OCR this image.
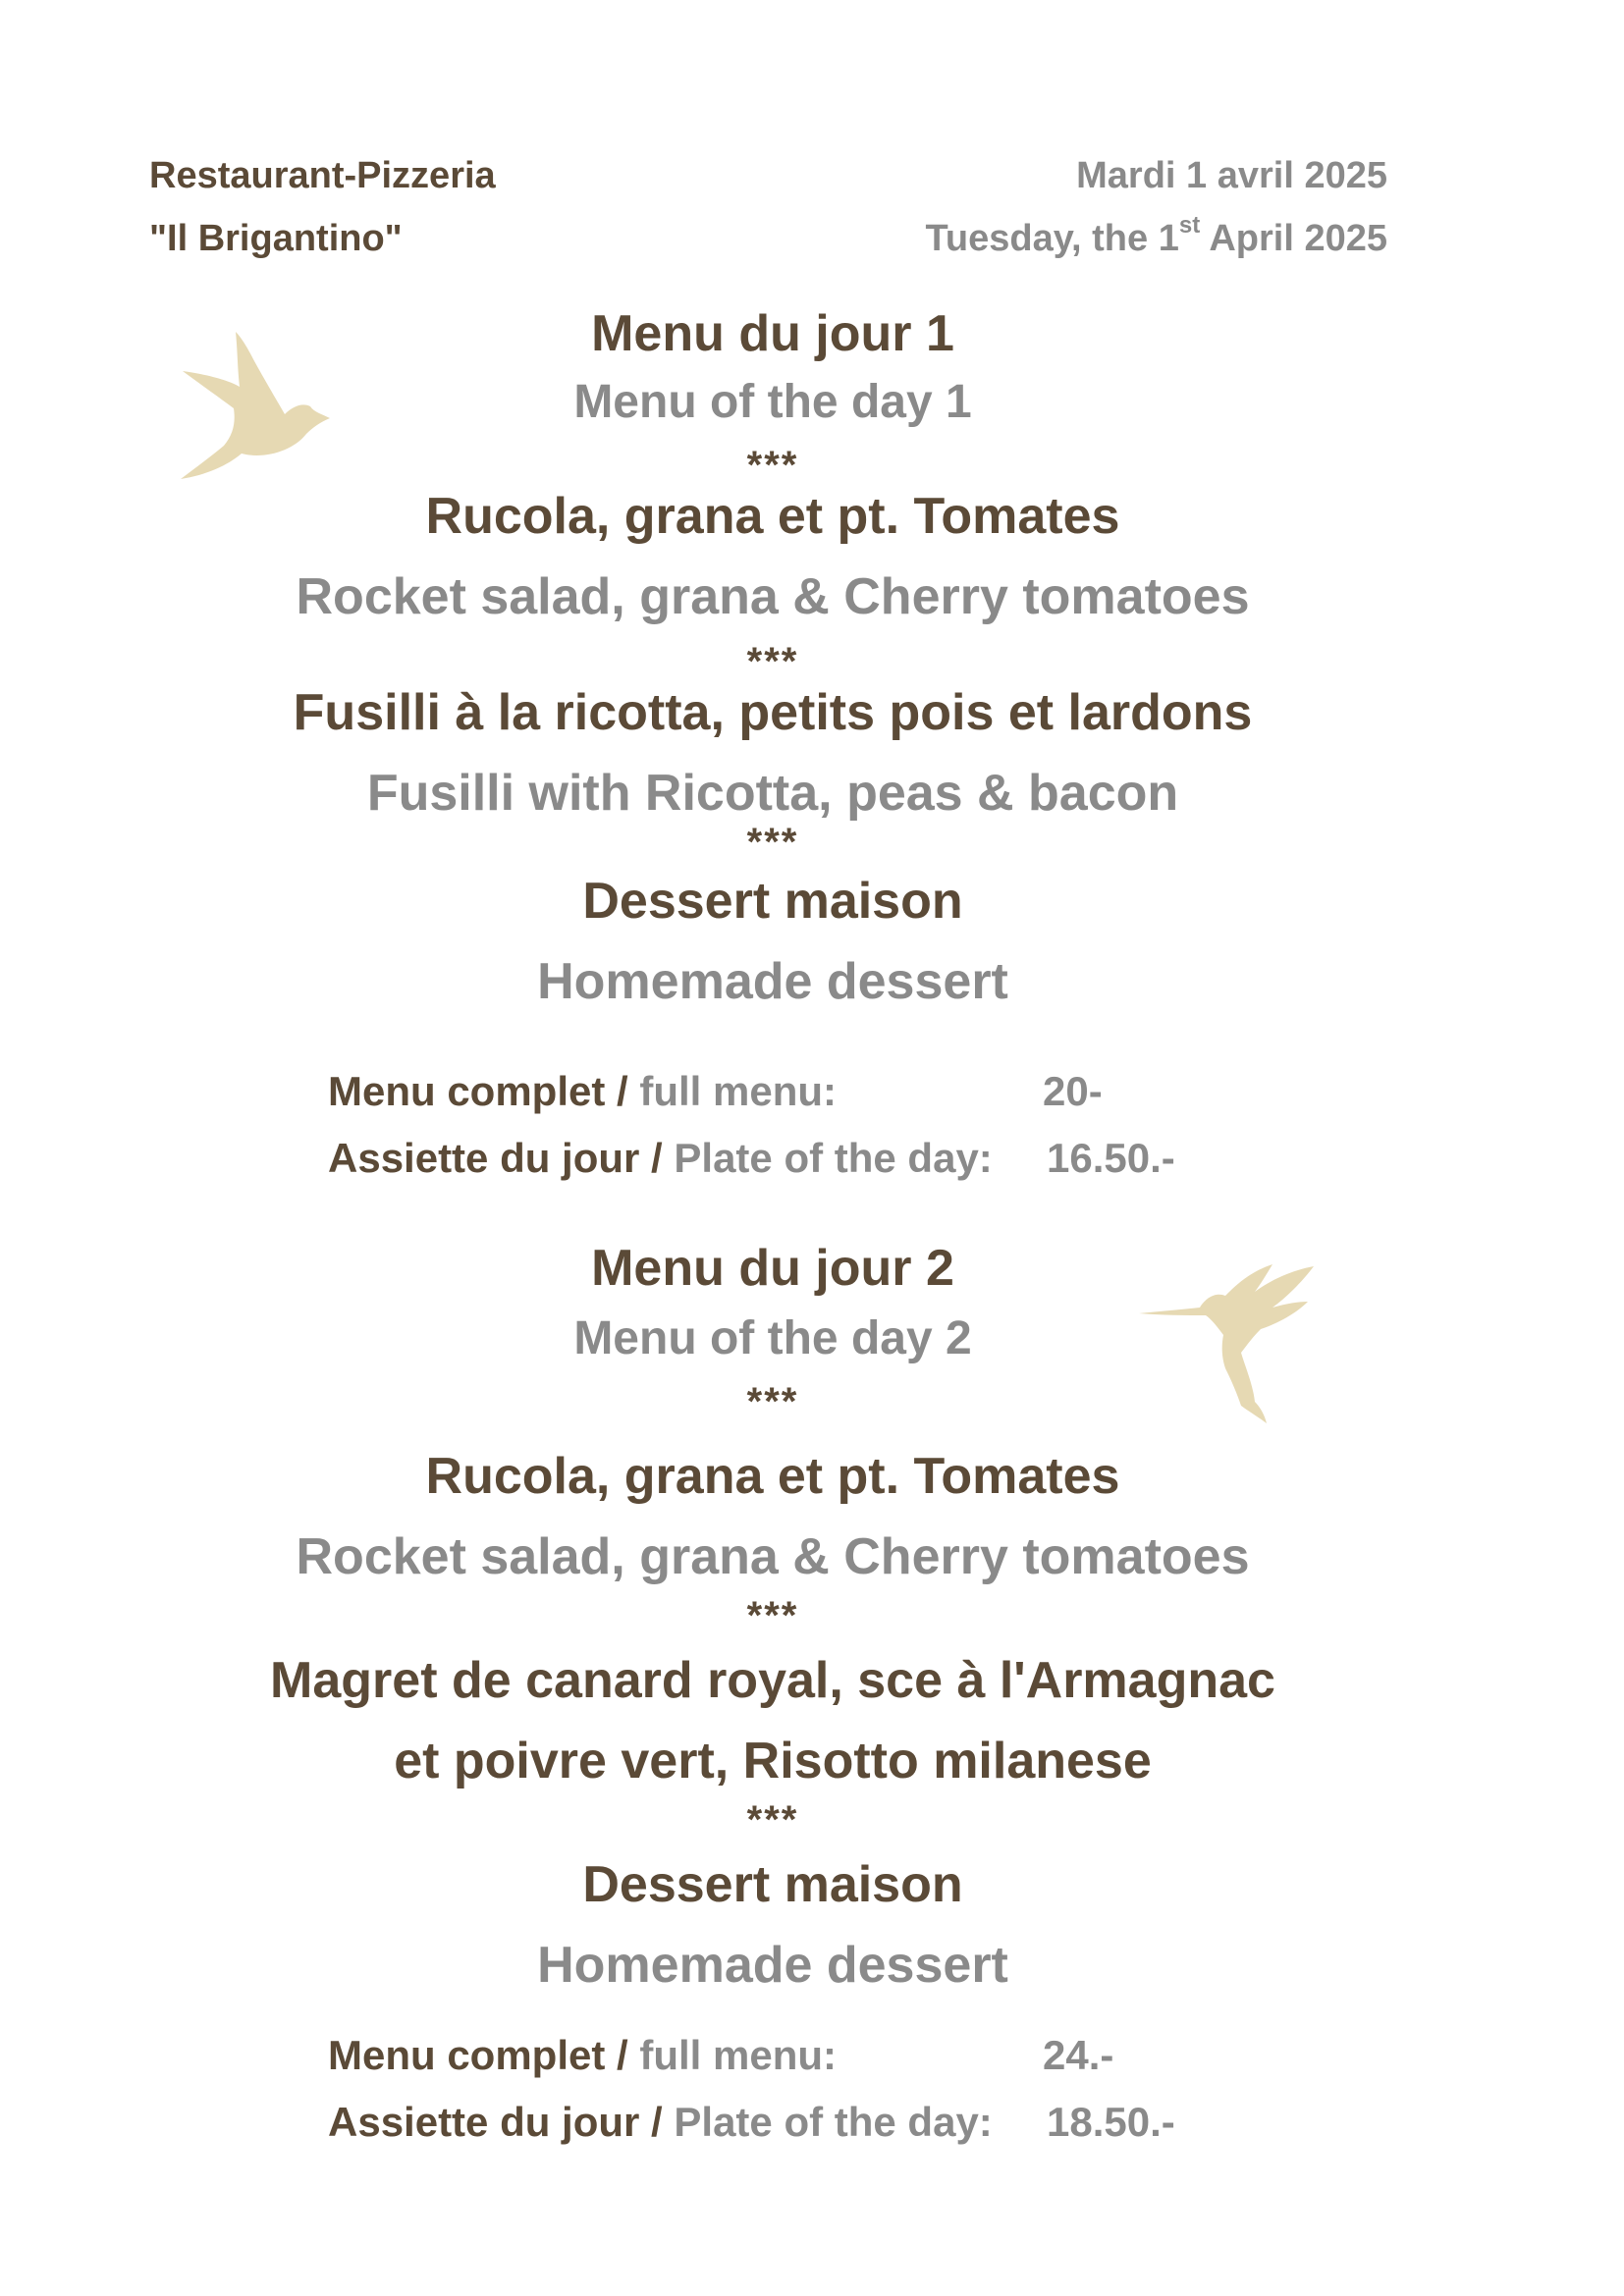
Restaurant-Pizzeria
"Il Brigantino"
Mardi 1 avril 2025
Tuesday, the 1st April 2025
Menu du jour 1
Menu of the day 1
***
Rucola, grana et pt. Tomates
Rocket salad, grana & Cherry tomatoes
***
Fusilli à la ricotta, petits pois et lardons
Fusilli with Ricotta, peas & bacon
***
Dessert maison
Homemade dessert
Menu complet / full menu:	20-
Assiette du jour / Plate of the day: 16.50.-
Menu du jour 2
Menu of the day 2
***
Rucola, grana et pt. Tomates
Rocket salad, grana & Cherry tomatoes
***
Magret de canard royal, sce à l'Armagnac
et poivre vert, Risotto milanese
***
Dessert maison
Homemade dessert
Menu complet / full menu:	24.-
Assiette du jour / Plate of the day: 18.50.-
